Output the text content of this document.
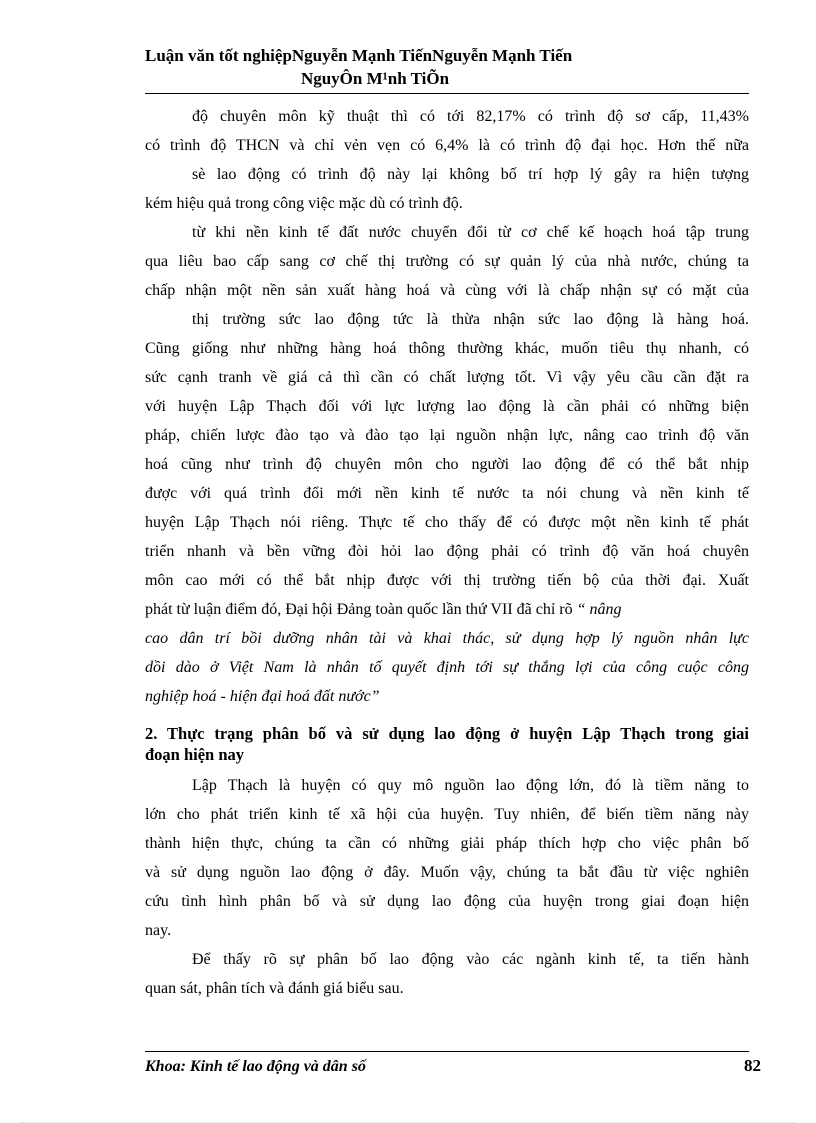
Luận văn tốt nghiệpNguyễn Mạnh TiếnNguyễn Mạnh Tiến
NguyÔn M¹nh TiÕn
độ chuyên môn kỹ thuật thì có tới 82,17% có trình độ sơ cấp, 11,43%
có trình độ THCN và chỉ vẻn vẹn có 6,4% là có trình độ đại học. Hơn thế nữa
sè lao động có trình độ này lại không bố trí hợp lý gây ra hiện tượng
kém hiệu quả trong công việc mặc dù có trình độ.
từ khi nền kinh tế đất nước chuyển đổi từ cơ chế kế hoạch hoá tập trung
qua liêu bao cấp sang cơ chế thị trường có sự quản lý của nhà nước, chúng ta
chấp nhận một nền sản xuất hàng hoá và cùng với là chấp nhận sự có mặt của
thị trường sức lao động tức là thừa nhận sức lao động là hàng hoá.
Cũng giống như những hàng hoá thông thường khác, muốn tiêu thụ nhanh, có
sức cạnh tranh về giá cả thì cần có chất lượng tốt. Vì vậy yêu cầu cần đặt ra
với huyện Lập Thạch đối với lực lượng lao động là cần phải có những biện
pháp, chiến lược đào tạo và đào tạo lại nguồn nhận lực, nâng cao trình độ văn
hoá cũng như trình độ chuyên môn cho người lao động để có thể bắt nhịp
được với quá trình đổi mới nền kinh tế nước ta nói chung và nền kinh tế
huyện Lập Thạch nói riêng. Thực tế cho thấy để có được một nền kinh tế phát
triển nhanh và bền vững đòi hỏi lao động phải có trình độ văn hoá chuyên
môn cao mới có thể bắt nhịp được với thị trường tiến bộ của thời đại. Xuất
phát từ luận điểm đó, Đại hội Đảng toàn quốc lần thứ VII đã chỉ rõ “ nâng
cao dân trí bồi dưỡng nhân tài và khai thác, sử dụng hợp lý nguồn nhân lực
dồi dào ở Việt Nam là nhân tố quyết định tới sự thắng lợi của công cuộc công
nghiệp hoá - hiện đại hoá đất nước”
2. Thực trạng phân bố và sử dụng lao động ở huyện Lập Thạch trong giai
đoạn hiện nay
Lập Thạch là huyện có quy mô nguồn lao động lớn, đó là tiềm năng to
lớn cho phát triển kinh tế xã hội của huyện. Tuy nhiên, để biến tiềm năng này
thành hiện thực, chúng ta cần có những giải pháp thích hợp cho việc phân bố
và sử dụng nguồn lao động ở đây. Muốn vậy, chúng ta bắt đầu từ việc nghiên
cứu tình hình phân bố và sử dụng lao động của huyện trong giai đoạn hiện
nay.
Để thấy rõ sự phân bố lao động vào các ngành kinh tế, ta tiến hành
quan sát, phân tích và đánh giá biểu sau.
Khoa: Kinh tế lao động và dân số	82
